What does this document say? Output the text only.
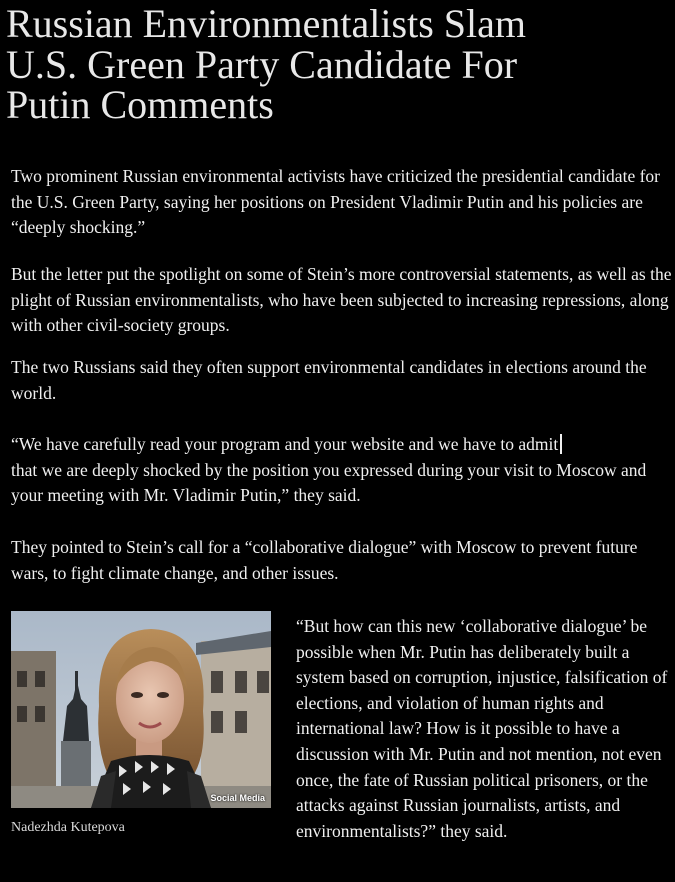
Russian Environmentalists Slam
U.S. Green Party Candidate For
Putin Comments

Two prominent Russian environmental activists have criticized the presidential candidate for the U.S. Green Party, saying her positions on President Vladimir Putin and his policies are “deeply shocking.”

But the letter put the spotlight on some of Stein’s more controversial statements, as well as the plight of Russian environmentalists, who have been subjected to increasing repressions, along with other civil-society groups.

The two Russians said they often support environmental candidates in elections around the world.

“We have carefully read your program and your website and we have to admit
that we are deeply shocked by the position you expressed during your visit to Moscow and your meeting with Mr. Vladimir Putin,” they said.

They pointed to Stein’s call for a “collaborative dialogue” with Moscow to prevent future wars, to fight climate change, and other issues.

Social Media

Nadezhda Kutepova

“But how can this new ‘collaborative dialogue’ be possible when Mr. Putin has deliberately built a system based on corruption, injustice, falsification of elections, and violation of human rights and international law? How is it possible to have a discussion with Mr. Putin and not mention, not even once, the fate of Russian political prisoners, or the attacks against Russian journalists, artists, and environmentalists?” they said.
